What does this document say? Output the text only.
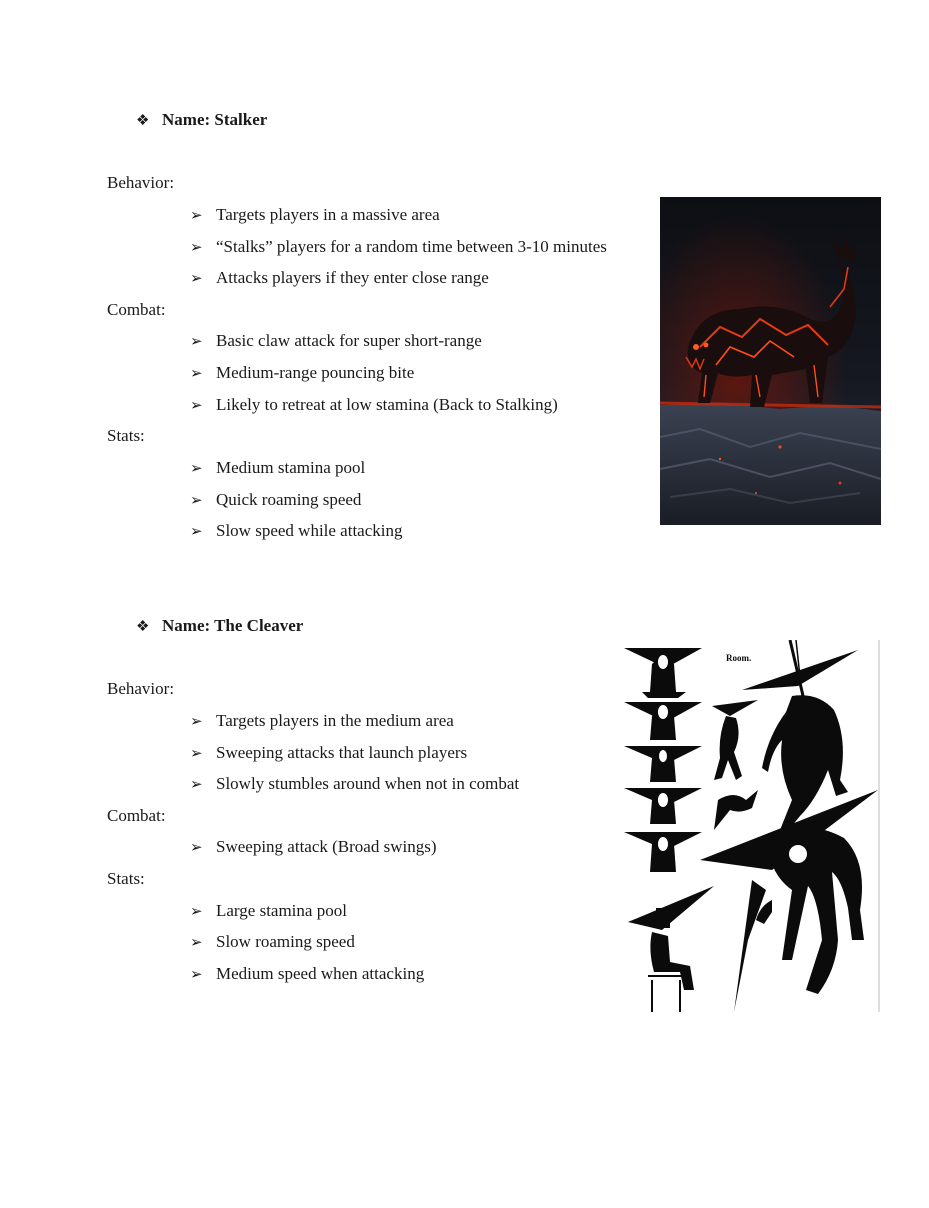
❖ Name: Stalker
Behavior:
➢ Targets players in a massive area
➢ “Stalks” players for a random time between 3-10 minutes
➢ Attacks players if they enter close range
Combat:
➢ Basic claw attack for super short-range
➢ Medium-range pouncing bite
➢ Likely to retreat at low stamina (Back to Stalking)
Stats:
➢ Medium stamina pool
➢ Quick roaming speed
➢ Slow speed while attacking
❖ Name: The Cleaver
Behavior:
➢ Targets players in the medium area
➢ Sweeping attacks that launch players
➢ Slowly stumbles around when not in combat
Combat:
➢ Sweeping attack (Broad swings)
Stats:
➢ Large stamina pool
➢ Slow roaming speed
➢ Medium speed when attacking
Room.
